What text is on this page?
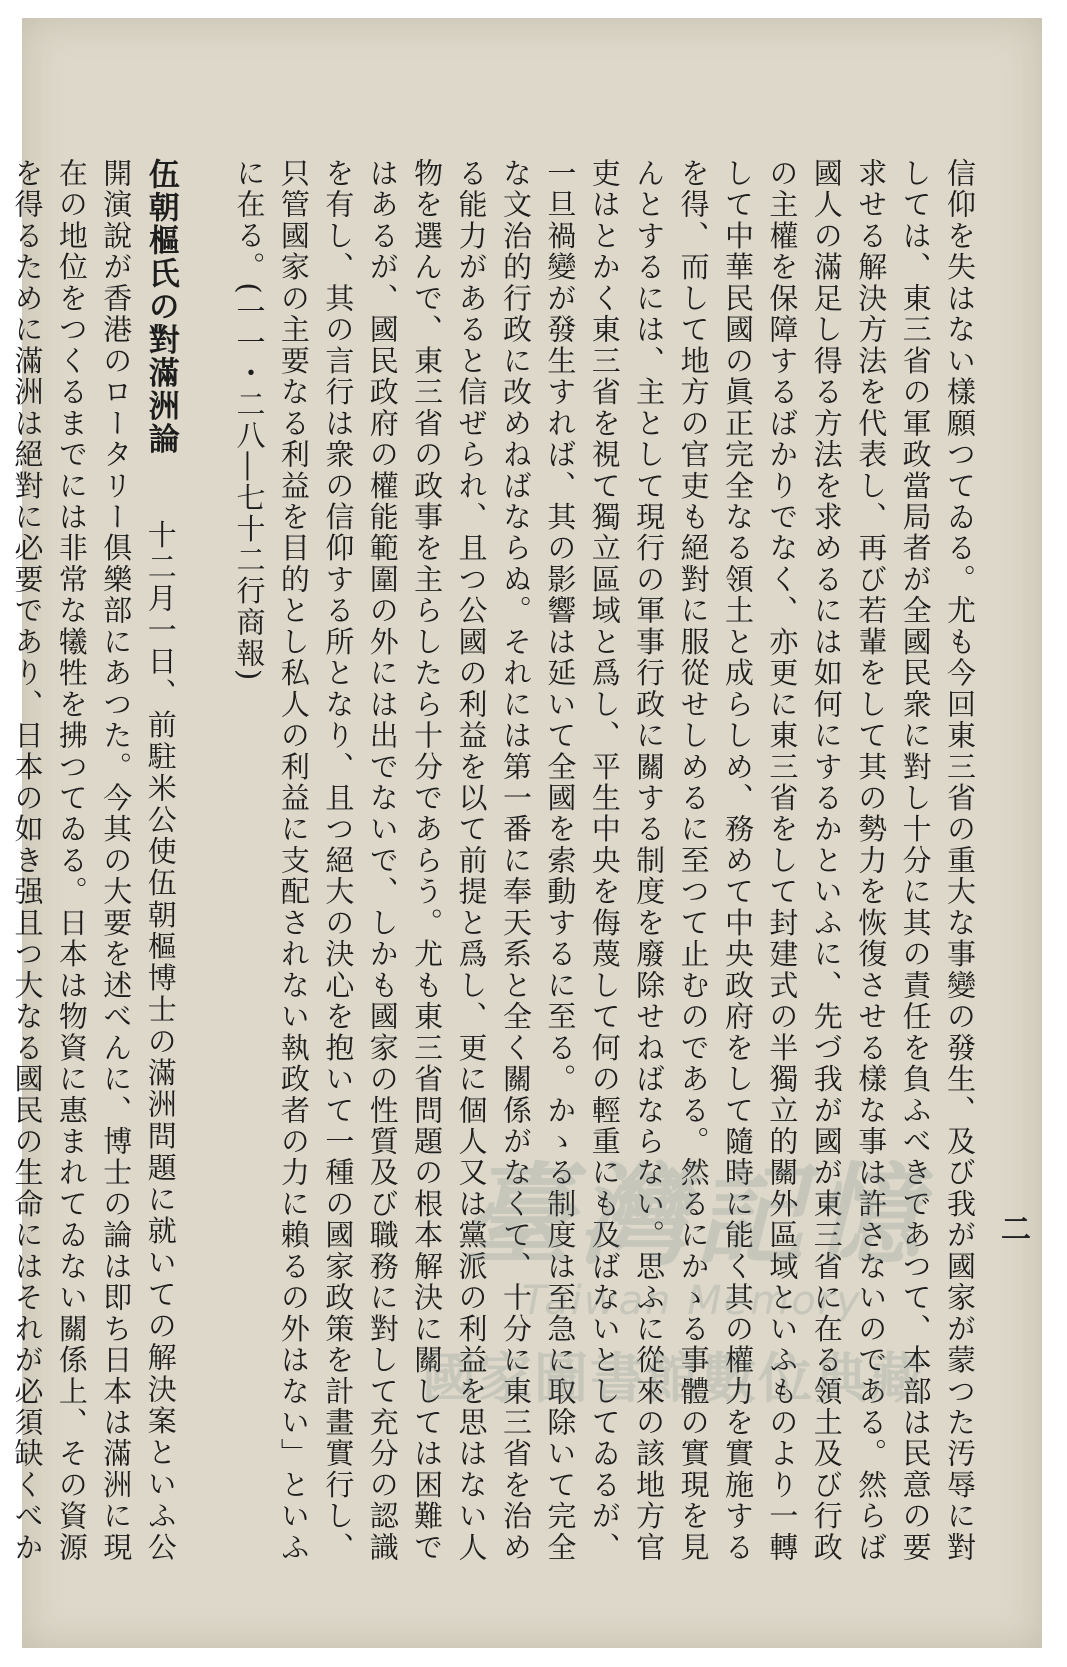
二

信仰を失はない樣願つてゐる。尤も今回東三省の重大な事變の發生、及び我が國家が蒙つた汚辱に對しては、東三省の軍政當局者が全國民衆に對し十分に其の責任を負ふべきであつて、本部は民意の要求せる解決方法を代表し、再び若輩をして其の勢力を恢復させる樣な事は許さないのである。然らば國人の滿足し得る方法を求めるには如何にするかといふに、先づ我が國が東三省に在る領土及び行政の主權を保障するばかりでなく、亦更に東三省をして封建式の半獨立的關外區域といふものより一轉して中華民國の眞正完全なる領土と成らしめ、務めて中央政府をして隨時に能く其の權力を實施するを得、而して地方の官吏も絕對に服從せしめるに至つて止むのである。然るにかゝる事體の實現を見んとするには、主として現行の軍事行政に關する制度を廢除せねばならない。思ふに從來の該地方官吏はとかく東三省を視て獨立區域と爲し、平生中央を侮蔑して何の輕重にも及ばないとしてゐるが、一旦禍變が發生すれば、其の影響は延いて全國を索動するに至る。かゝる制度は至急に取除いて完全な文治的行政に改めねばならぬ。それには第一番に奉天系と全く關係がなくて、十分に東三省を治める能力があると信ぜられ、且つ公國の利益を以て前提と爲し、更に個人又は黨派の利益を思はない人物を選んで、東三省の政事を主らしたら十分であらう。尤も東三省問題の根本解決に關しては困難ではあるが、國民政府の權能範圍の外には出でないで、しかも國家の性質及び職務に對して充分の認識を有し、其の言行は衆の信仰する所となり、且つ絕大の決心を抱いて一種の國家政策を計畫實行し、只管國家の主要なる利益を目的とし私人の利益に支配されない執政者の力に賴るの外はない」といふに在る。(一一・二八―七十二行商報)

伍朝樞氏の對滿洲論　　十二月一日、前駐米公使伍朝樞博士の滿洲問題に就いての解決案といふ公開演說が香港のロータリー俱樂部にあつた。今其の大要を述べんに、博士の論は即ち日本は滿洲に現在の地位をつくるまでには非常な犧牲を拂つてゐる。日本は物資に惠まれてゐない關係上、その資源を得るために滿洲は絕對に必要であり、日本の如き强且つ大なる國民の生命にはそれが必須缺くべか

臺灣記憶
Taiwan Memory
國家圖書館數位典藏
